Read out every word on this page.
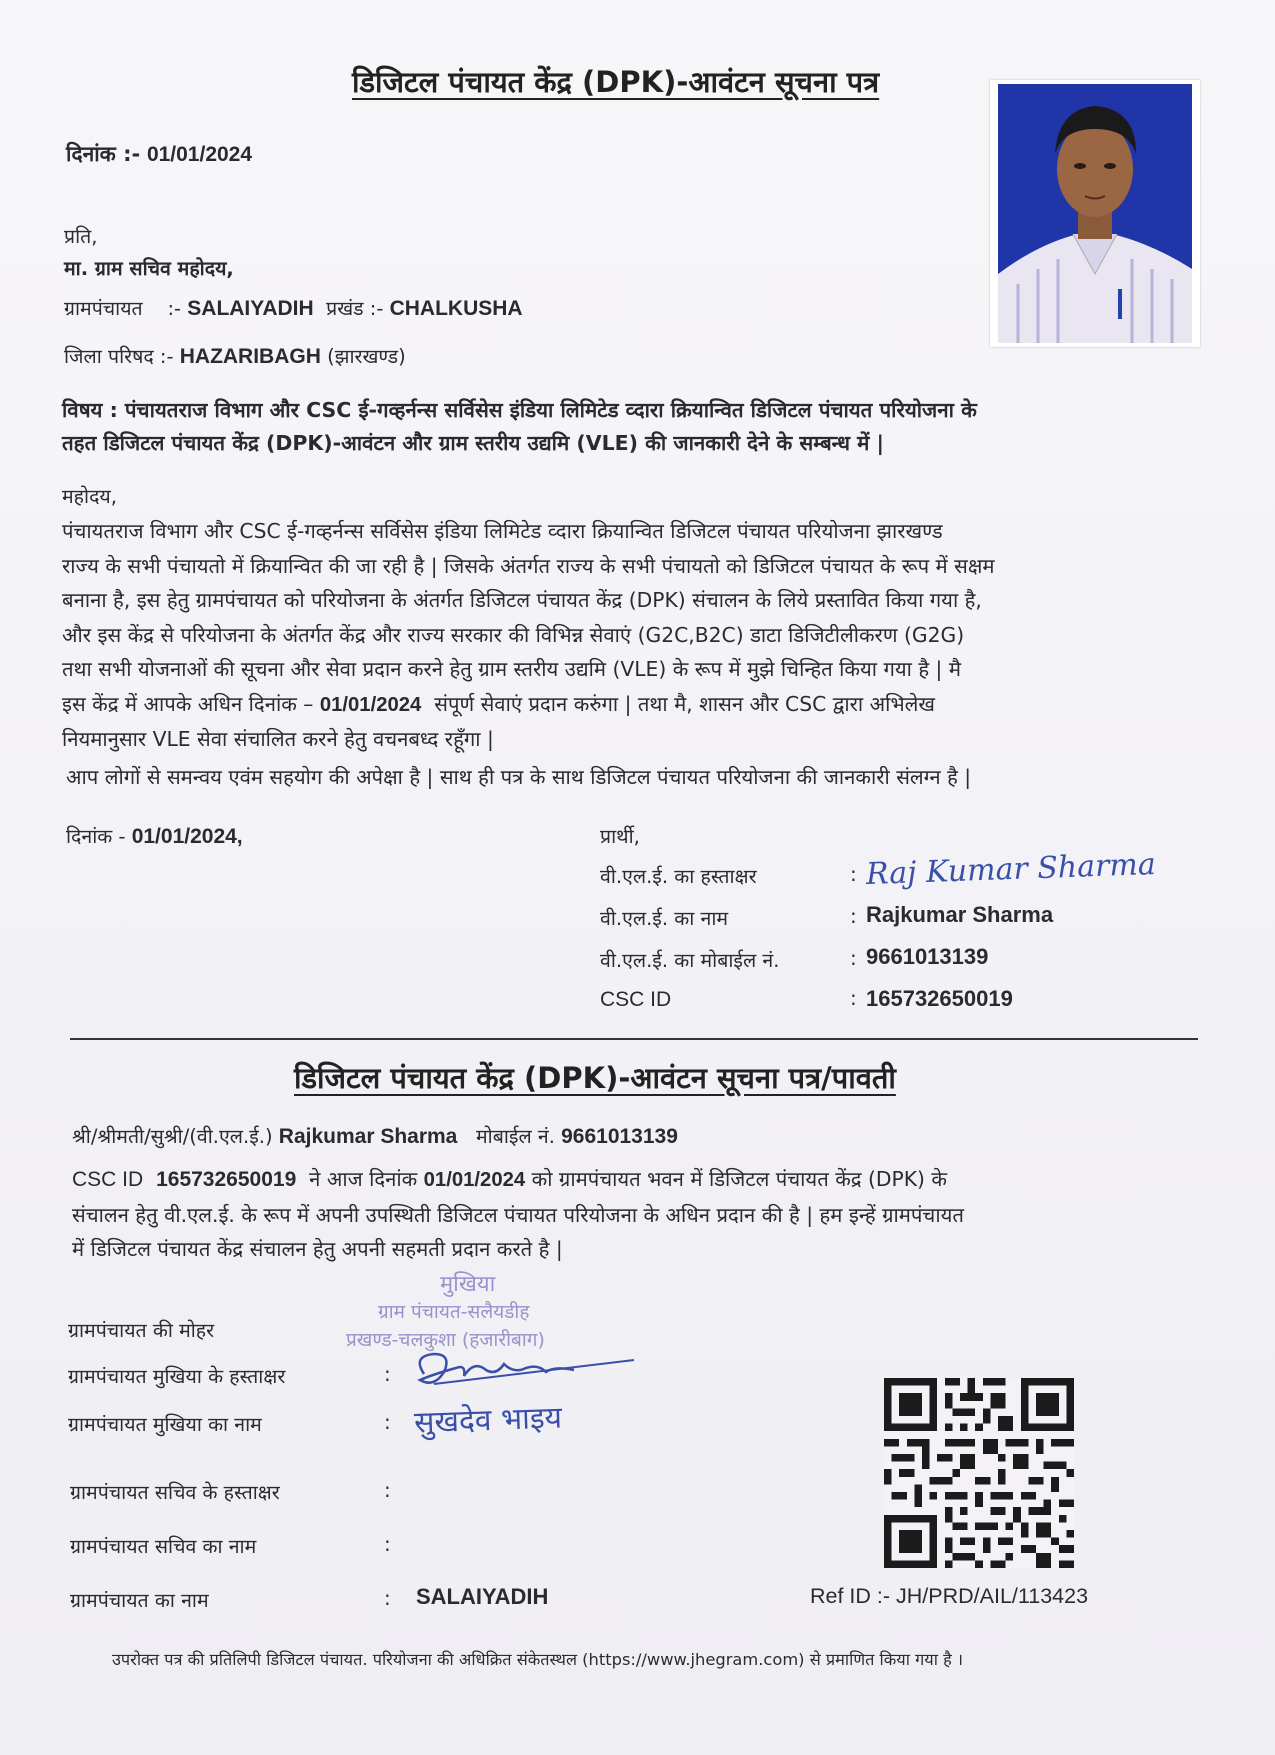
डिजिटल पंचायत केंद्र (DPK)-आवंटन सूचना पत्र
दिनांक :- 01/01/2024
प्रति,
मा. ग्राम सचिव महोदय,
ग्रामपंचायत :- SALAIYADIH प्रखंड :- CHALKUSHA
जिला परिषद :- HAZARIBAGH (झारखण्ड)
विषय : पंचायतराज विभाग और CSC ई-गव्हर्नन्स सर्विसेस इंडिया लिमिटेड व्दारा क्रियान्वित डिजिटल पंचायत परियोजना के
तहत डिजिटल पंचायत केंद्र (DPK)-आवंटन और ग्राम स्तरीय उद्यमि (VLE) की जानकारी देने के सम्बन्ध में |
महोदय,
पंचायतराज विभाग और CSC ई-गव्हर्नन्स सर्विसेस इंडिया लिमिटेड व्दारा क्रियान्वित डिजिटल पंचायत परियोजना झारखण्ड
राज्य के सभी पंचायतो में क्रियान्वित की जा रही है | जिसके अंतर्गत राज्य के सभी पंचायतो को डिजिटल पंचायत के रूप में सक्षम
बनाना है, इस हेतु ग्रामपंचायत को परियोजना के अंतर्गत डिजिटल पंचायत केंद्र (DPK) संचालन के लिये प्रस्तावित किया गया है,
और इस केंद्र से परियोजना के अंतर्गत केंद्र और राज्य सरकार की विभिन्न सेवाएं (G2C,B2C) डाटा डिजिटीलीकरण (G2G)
तथा सभी योजनाओं की सूचना और सेवा प्रदान करने हेतु ग्राम स्तरीय उद्यमि (VLE) के रूप में मुझे चिन्हित किया गया है | मै
इस केंद्र में आपके अधिन दिनांक – 01/01/2024 संपूर्ण सेवाएं प्रदान करुंगा | तथा मै, शासन और CSC द्वारा अभिलेख
नियमानुसार VLE सेवा संचालित करने हेतु वचनबध्द रहूँगा |
आप लोगों से समन्वय एवंम सहयोग की अपेक्षा है | साथ ही पत्र के साथ डिजिटल पंचायत परियोजना की जानकारी संलग्न है |
दिनांक - 01/01/2024,	प्रार्थी,
वी.एल.ई. का हस्ताक्षर	: Raj Kumar Sharma
वी.एल.ई. का नाम	: Rajkumar Sharma
वी.एल.ई. का मोबाईल नं.	: 9661013139
CSC ID	: 165732650019
डिजिटल पंचायत केंद्र (DPK)-आवंटन सूचना पत्र/पावती
श्री/श्रीमती/सुश्री/(वी.एल.ई.) Rajkumar Sharma मोबाईल नं. 9661013139
CSC ID 165732650019 ने आज दिनांक 01/01/2024 को ग्रामपंचायत भवन में डिजिटल पंचायत केंद्र (DPK) के
संचालन हेतु वी.एल.ई. के रूप में अपनी उपस्थिती डिजिटल पंचायत परियोजना के अधिन प्रदान की है | हम इन्हें ग्रामपंचायत
में डिजिटल पंचायत केंद्र संचालन हेतु अपनी सहमती प्रदान करते है |
मुखिया
ग्राम पंचायत-सलैयडीह
प्रखण्ड-चलकुशा (हजारीबाग)
ग्रामपंचायत की मोहर
ग्रामपंचायत मुखिया के हस्ताक्षर	:
ग्रामपंचायत मुखिया का नाम	: सुखदेव भाइय
ग्रामपंचायत सचिव के हस्ताक्षर	:
ग्रामपंचायत सचिव का नाम	:
ग्रामपंचायत का नाम	: SALAIYADIH	Ref ID :- JH/PRD/AIL/113423
उपरोक्त पत्र की प्रतिलिपी डिजिटल पंचायत. परियोजना की अधिक्रित संकेतस्थल (https://www.jhegram.com) से प्रमाणित किया गया है ।
